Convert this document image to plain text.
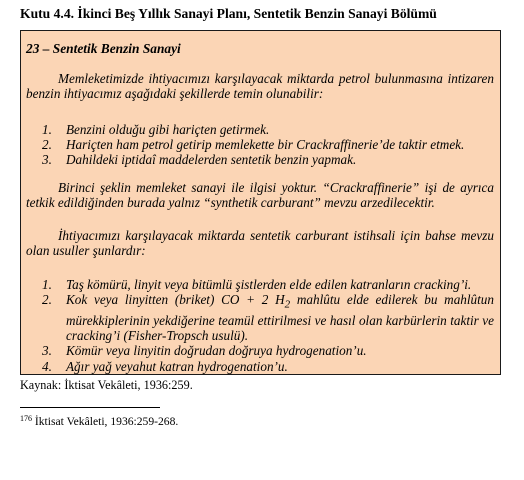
Kutu 4.4. İkinci Beş Yıllık Sanayi Planı, Sentetik Benzin Sanayi Bölümü
23 – Sentetik Benzin Sanayi

Memleketimizde ihtiyacımızı karşılayacak miktarda petrol bulunmasına intizaren benzin ihtiyacımız aşağıdaki şekillerde temin olunabilir:

1. Benzini olduğu gibi hariçten getirmek.
2. Hariçten ham petrol getirip memlekette bir Crackraffinerie’de taktir etmek.
3. Dahildeki iptidaî maddelerden sentetik benzin yapmak.

Birinci şeklin memleket sanayi ile ilgisi yoktur. “Crackraffinerie” işi de ayrıca tetkik edildiğinden burada yalnız “synthetik carburant” mevzu arzedilecektir.

İhtiyacımızı karşılayacak miktarda sentetik carburant istihsali için bahse mevzu olan usuller şunlardır:

1. Taş kömürü, linyit veya bitümlü şistlerden elde edilen katranların cracking’i.
2. Kok veya linyitten (briket) CO + 2 $H_2$ mahlûtu elde edilerek bu mahlûtun mürekkiplerinin yekdiğerine teamül ettirilmesi ve hasıl olan karbürlerin taktir ve cracking’i (Fisher-Tropsch usulü).
3. Kömür veya linyitin doğrudan doğruya hydrogenation’u.
4. Ağır yağ veyahut katran hydrogenation’u.
Kaynak: İktisat Vekâleti, 1936:259.
$^{176}$ İktisat Vekâleti, 1936:259-268.
